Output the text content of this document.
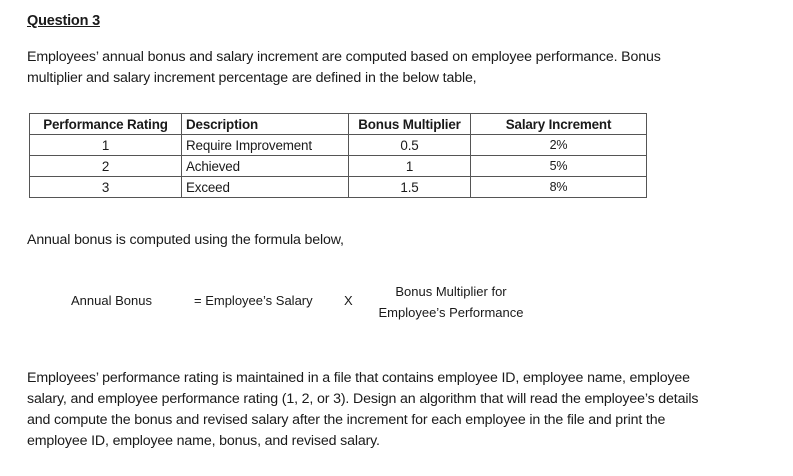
Question 3
Employees’ annual bonus and salary increment are computed based on employee performance. Bonus
multiplier and salary increment percentage are defined in the below table,
Performance Rating	Description	Bonus Multiplier	Salary Increment
1	Require Improvement	0.5	2%
2	Achieved	1	5%
3	Exceed	1.5	8%
Annual bonus is computed using the formula below,
Annual Bonus	= Employee’s Salary X
Bonus Multiplier for
Employee’s Performance
Employees’ performance rating is maintained in a file that contains employee ID, employee name, employee
salary, and employee performance rating (1, 2, or 3). Design an algorithm that will read the employee’s details
and compute the bonus and revised salary after the increment for each employee in the file and print the
employee ID, employee name, bonus, and revised salary.
